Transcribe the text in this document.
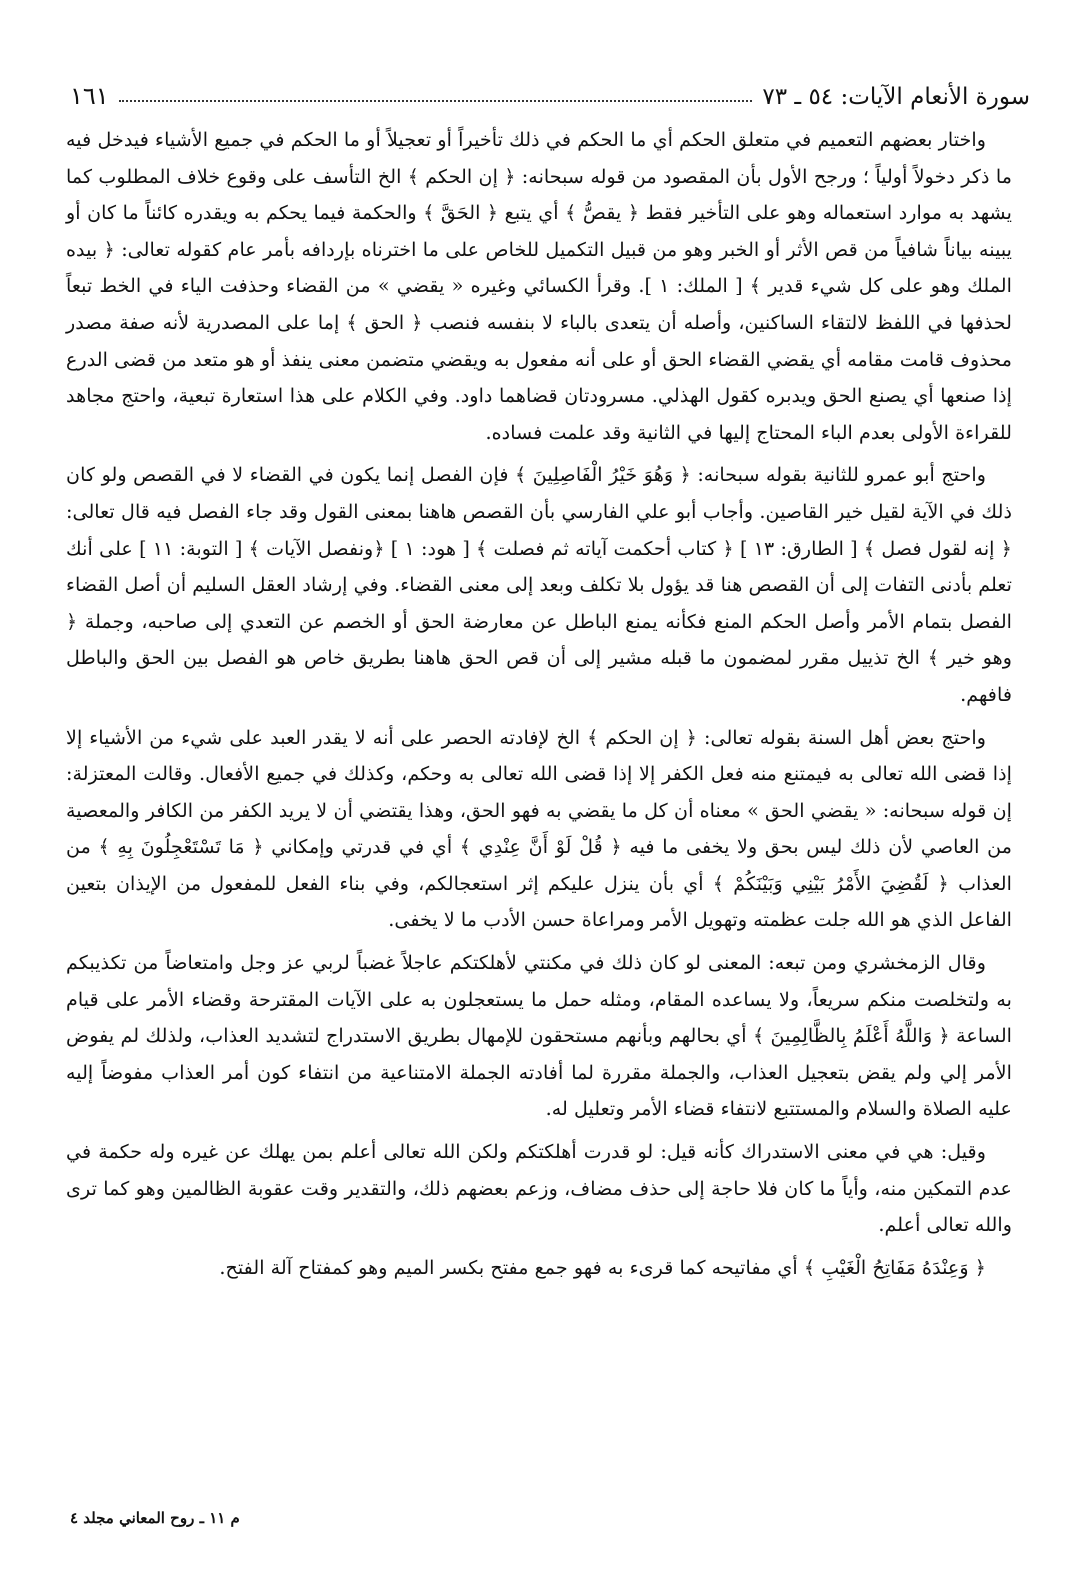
سورة الأنعام الآيات: ٥٤ ـ ٧٣
١٦١

واختار بعضهم التعميم في متعلق الحكم أي ما الحكم في ذلك تأخيراً أو تعجيلاً أو ما الحكم في جميع الأشياء فيدخل فيه ما ذكر دخولاً أولياً ؛ ورجح الأول بأن المقصود من قوله سبحانه: ﴿ إن الحكم ﴾ الخ التأسف على وقوع خلاف المطلوب كما يشهد به موارد استعماله وهو على التأخير فقط ﴿ يقصُّ ﴾ أي يتبع ﴿ الحَقَّ ﴾ والحكمة فيما يحكم به ويقدره كائناً ما كان أو يبينه بياناً شافياً من قص الأثر أو الخبر وهو من قبيل التكميل للخاص على ما اخترناه بإردافه بأمر عام كقوله تعالى: ﴿ بيده الملك وهو على كل شيء قدير ﴾ [ الملك: ١ ]. وقرأ الكسائي وغيره « يقضي » من القضاء وحذفت الياء في الخط تبعاً لحذفها في اللفظ لالتقاء الساكنين، وأصله أن يتعدى بالباء لا بنفسه فنصب ﴿ الحق ﴾ إما على المصدرية لأنه صفة مصدر محذوف قامت مقامه أي يقضي القضاء الحق أو على أنه مفعول به ويقضي متضمن معنى ينفذ أو هو متعد من قضى الدرع إذا صنعها أي يصنع الحق ويدبره كقول الهذلي. مسرودتان قضاهما داود. وفي الكلام على هذا استعارة تبعية، واحتج مجاهد للقراءة الأولى بعدم الباء المحتاج إليها في الثانية وقد علمت فساده.

واحتج أبو عمرو للثانية بقوله سبحانه: ﴿ وَهُوَ خَيْرُ الْفَاصِلِينَ ﴾ فإن الفصل إنما يكون في القضاء لا في القصص ولو كان ذلك في الآية لقيل خير القاصين. وأجاب أبو علي الفارسي بأن القصص هاهنا بمعنى القول وقد جاء الفصل فيه قال تعالى: ﴿ إنه لقول فصل ﴾ [ الطارق: ١٣ ] ﴿ كتاب أحكمت آياته ثم فصلت ﴾ [ هود: ١ ] ﴿ونفصل الآيات ﴾ [ التوبة: ١١ ] على أنك تعلم بأدنى التفات إلى أن القصص هنا قد يؤول بلا تكلف وبعد إلى معنى القضاء. وفي إرشاد العقل السليم أن أصل القضاء الفصل بتمام الأمر وأصل الحكم المنع فكأنه يمنع الباطل عن معارضة الحق أو الخصم عن التعدي إلى صاحبه، وجملة ﴿ وهو خير ﴾ الخ تذييل مقرر لمضمون ما قبله مشير إلى أن قص الحق هاهنا بطريق خاص هو الفصل بين الحق والباطل فافهم.

واحتج بعض أهل السنة بقوله تعالى: ﴿ إن الحكم ﴾ الخ لإفادته الحصر على أنه لا يقدر العبد على شيء من الأشياء إلا إذا قضى الله تعالى به فيمتنع منه فعل الكفر إلا إذا قضى الله تعالى به وحكم، وكذلك في جميع الأفعال. وقالت المعتزلة: إن قوله سبحانه: « يقضي الحق » معناه أن كل ما يقضي به فهو الحق، وهذا يقتضي أن لا يريد الكفر من الكافر والمعصية من العاصي لأن ذلك ليس بحق ولا يخفى ما فيه ﴿ قُلْ لَوْ أَنَّ عِنْدِي ﴾ أي في قدرتي وإمكاني ﴿ مَا تَسْتَعْجِلُونَ بِهِ ﴾ من العذاب ﴿ لَقُضِيَ الأَمْرُ بَيْنِي وَبَيْنَكُمْ ﴾ أي بأن ينزل عليكم إثر استعجالكم، وفي بناء الفعل للمفعول من الإيذان بتعين الفاعل الذي هو الله جلت عظمته وتهويل الأمر ومراعاة حسن الأدب ما لا يخفى.

وقال الزمخشري ومن تبعه: المعنى لو كان ذلك في مكنتي لأهلكتكم عاجلاً غضباً لربي عز وجل وامتعاضاً من تكذيبكم به ولتخلصت منكم سريعاً، ولا يساعده المقام، ومثله حمل ما يستعجلون به على الآيات المقترحة وقضاء الأمر على قيام الساعة ﴿ وَاللَّهُ أَعْلَمُ بِالظَّالِمِينَ ﴾ أي بحالهم وبأنهم مستحقون للإمهال بطريق الاستدراج لتشديد العذاب، ولذلك لم يفوض الأمر إلي ولم يقض بتعجيل العذاب، والجملة مقررة لما أفادته الجملة الامتناعية من انتفاء كون أمر العذاب مفوضاً إليه عليه الصلاة والسلام والمستتبع لانتفاء قضاء الأمر وتعليل له.

وقيل: هي في معنى الاستدراك كأنه قيل: لو قدرت أهلكتكم ولكن الله تعالى أعلم بمن يهلك عن غيره وله حكمة في عدم التمكين منه، وأياً ما كان فلا حاجة إلى حذف مضاف، وزعم بعضهم ذلك، والتقدير وقت عقوبة الظالمين وهو كما ترى والله تعالى أعلم.

﴿ وَعِنْدَهُ مَفَاتِحُ الْغَيْبِ ﴾ أي مفاتيحه كما قرىء به فهو جمع مفتح بكسر الميم وهو كمفتاح آلة الفتح.

م ١١ ـ روح المعاني مجلد ٤
